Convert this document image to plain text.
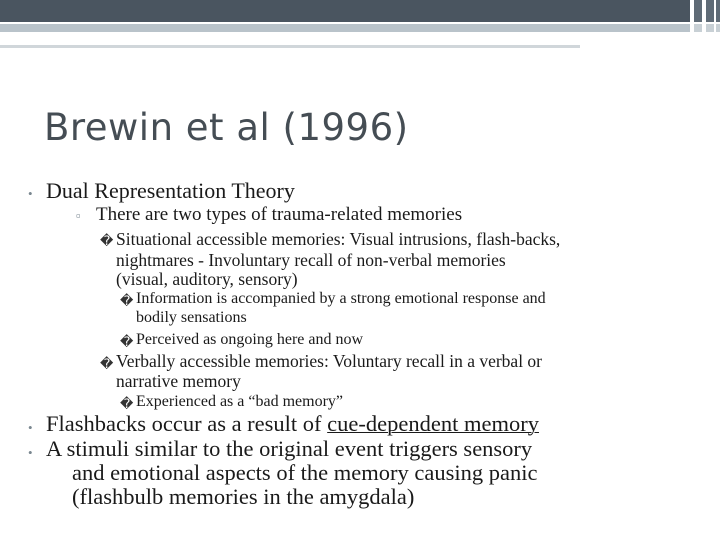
Brewin et al (1996)
• Dual Representation Theory
▫ There are two types of trauma-related memories
� Situational accessible memories: Visual intrusions, flash-backs,
nightmares - Involuntary recall of non-verbal memories
(visual, auditory, sensory)
� Information is accompanied by a strong emotional response and
bodily sensations
� Perceived as ongoing here and now
� Verbally accessible memories: Voluntary recall in a verbal or
narrative memory
� Experienced as a “bad memory”
• Flashbacks occur as a result of cue-dependent memory
• A stimuli similar to the original event triggers sensory
and emotional aspects of the memory causing panic
(flashbulb memories in the amygdala)
